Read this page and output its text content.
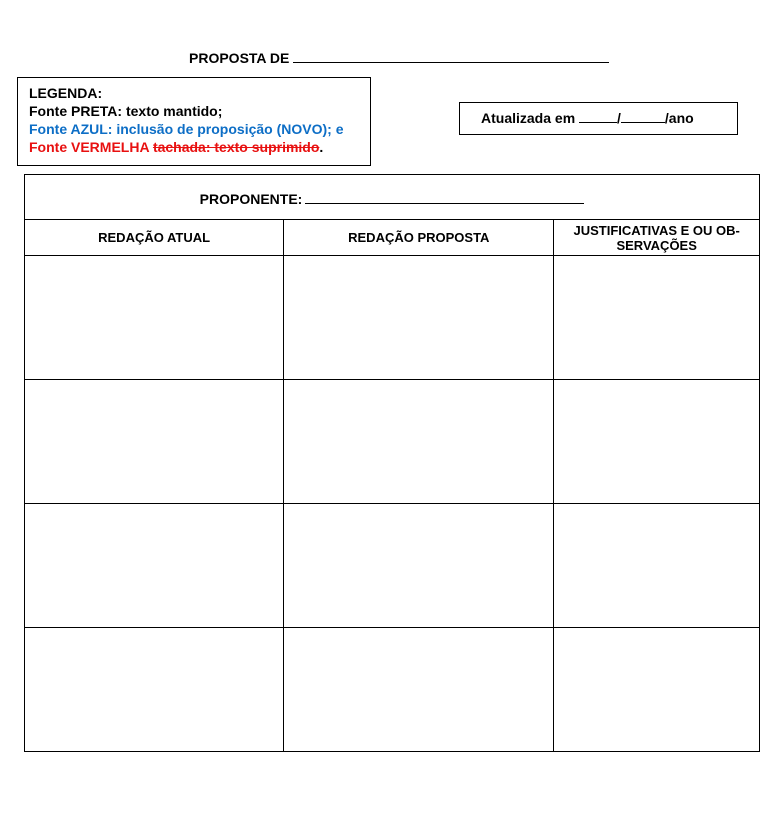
PROPOSTA DE
LEGENDA:
Fonte PRETA: texto mantido;
Fonte AZUL: inclusão de proposição (NOVO); e
Fonte VERMELHA tachada: texto suprimido.
Atualizada em	/	/ano
PROPONENTE:		
REDAÇÃO ATUAL	REDAÇÃO PROPOSTA	JUSTIFICATIVAS E OU OB-
SERVAÇÕES
